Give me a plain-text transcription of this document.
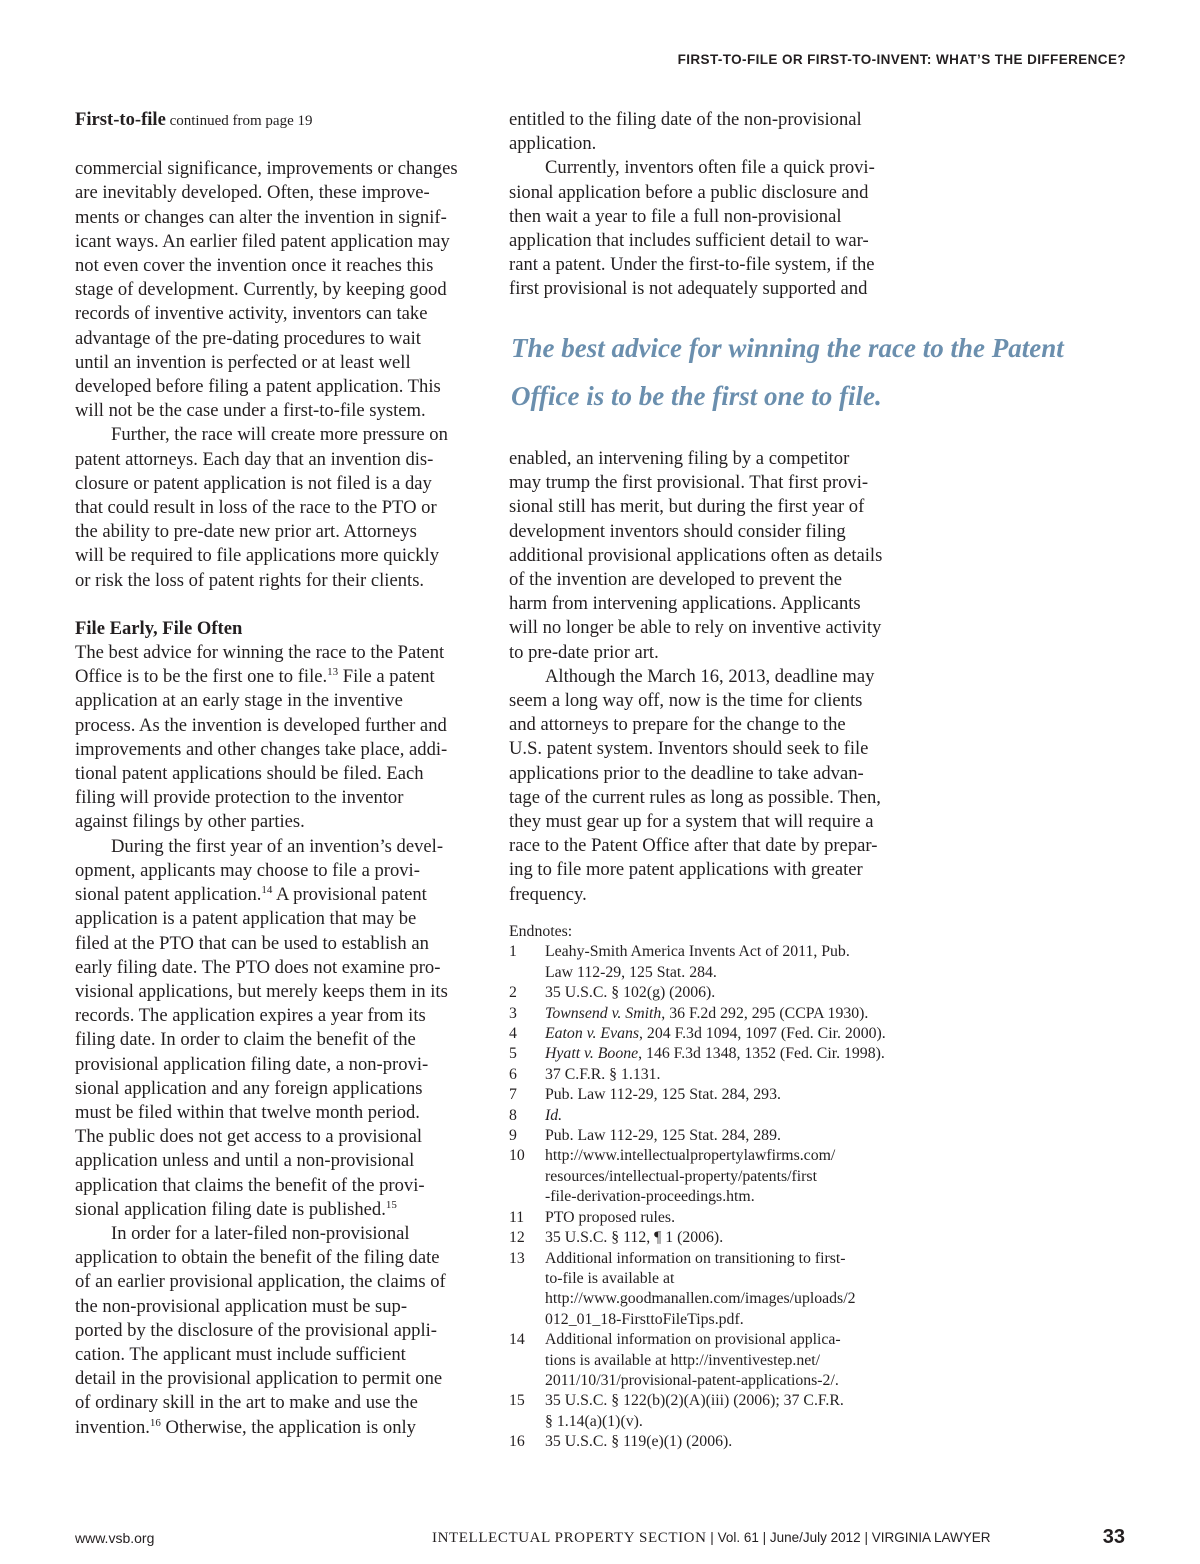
FIRST-TO-FILE OR FIRST-TO-INVENT: WHAT’S THE DIFFERENCE?
First-to-file continued from page 19
commercial significance, improvements or changes
are inevitably developed. Often, these improve-
ments or changes can alter the invention in signif-
icant ways. An earlier filed patent application may
not even cover the invention once it reaches this
stage of development. Currently, by keeping good
records of inventive activity, inventors can take
advantage of the pre-dating procedures to wait
until an invention is perfected or at least well
developed before filing a patent application. This
will not be the case under a first-to-file system.
Further, the race will create more pressure on
patent attorneys. Each day that an invention dis-
closure or patent application is not filed is a day
that could result in loss of the race to the PTO or
the ability to pre-date new prior art. Attorneys
will be required to file applications more quickly
or risk the loss of patent rights for their clients.
File Early, File Often
The best advice for winning the race to the Patent
Office is to be the first one to file.$^{13}$ File a patent
application at an early stage in the inventive
process. As the invention is developed further and
improvements and other changes take place, addi-
tional patent applications should be filed. Each
filing will provide protection to the inventor
against filings by other parties.
During the first year of an invention’s devel-
opment, applicants may choose to file a provi-
sional patent application.$^{14}$ A provisional patent
application is a patent application that may be
filed at the PTO that can be used to establish an
early filing date. The PTO does not examine pro-
visional applications, but merely keeps them in its
records. The application expires a year from its
filing date. In order to claim the benefit of the
provisional application filing date, a non-provi-
sional application and any foreign applications
must be filed within that twelve month period.
The public does not get access to a provisional
application unless and until a non-provisional
application that claims the benefit of the provi-
sional application filing date is published.$^{15}$
In order for a later-filed non-provisional
application to obtain the benefit of the filing date
of an earlier provisional application, the claims of
the non-provisional application must be sup-
ported by the disclosure of the provisional appli-
cation. The applicant must include sufficient
detail in the provisional application to permit one
of ordinary skill in the art to make and use the
invention.$^{16}$ Otherwise, the application is only
entitled to the filing date of the non-provisional
application.
Currently, inventors often file a quick provi-
sional application before a public disclosure and
then wait a year to file a full non-provisional
application that includes sufficient detail to war-
rant a patent. Under the first-to-file system, if the
first provisional is not adequately supported and
The best advice for winning the race to the Patent
Office is to be the first one to file.
enabled, an intervening filing by a competitor
may trump the first provisional. That first provi-
sional still has merit, but during the first year of
development inventors should consider filing
additional provisional applications often as details
of the invention are developed to prevent the
harm from intervening applications. Applicants
will no longer be able to rely on inventive activity
to pre-date prior art.
Although the March 16, 2013, deadline may
seem a long way off, now is the time for clients
and attorneys to prepare for the change to the
U.S. patent system. Inventors should seek to file
applications prior to the deadline to take advan-
tage of the current rules as long as possible. Then,
they must gear up for a system that will require a
race to the Patent Office after that date by prepar-
ing to file more patent applications with greater
frequency.
Endnotes:
1	Leahy-Smith America Invents Act of 2011, Pub.
Law 112-29, 125 Stat. 284.
2	35 U.S.C. § 102(g) (2006).
3	Townsend v. Smith, 36 F.2d 292, 295 (CCPA 1930).
4	Eaton v. Evans, 204 F.3d 1094, 1097 (Fed. Cir. 2000).
5	Hyatt v. Boone, 146 F.3d 1348, 1352 (Fed. Cir. 1998).
6	37 C.F.R. § 1.131.
7	Pub. Law 112-29, 125 Stat. 284, 293.
8	Id.
9	Pub. Law 112-29, 125 Stat. 284, 289.
10	http://www.intellectualpropertylawfirms.com/
resources/intellectual-property/patents/first
-file-derivation-proceedings.htm.
11	PTO proposed rules.
12	35 U.S.C. § 112, ¶ 1 (2006).
13	Additional information on transitioning to first-
to-file is available at
http://www.goodmanallen.com/images/uploads/2
012_01_18-FirsttoFileTips.pdf.
14	Additional information on provisional applica-
tions is available at http://inventivestep.net/
2011/10/31/provisional-patent-applications-2/.
15	35 U.S.C. § 122(b)(2)(A)(iii) (2006); 37 C.F.R.
§ 1.14(a)(1)(v).
16	35 U.S.C. § 119(e)(1) (2006).
www.vsb.org	INTELLECTUAL PROPERTY SECTION | Vol. 61 | June/July 2012 | VIRGINIA LAWYER	33
